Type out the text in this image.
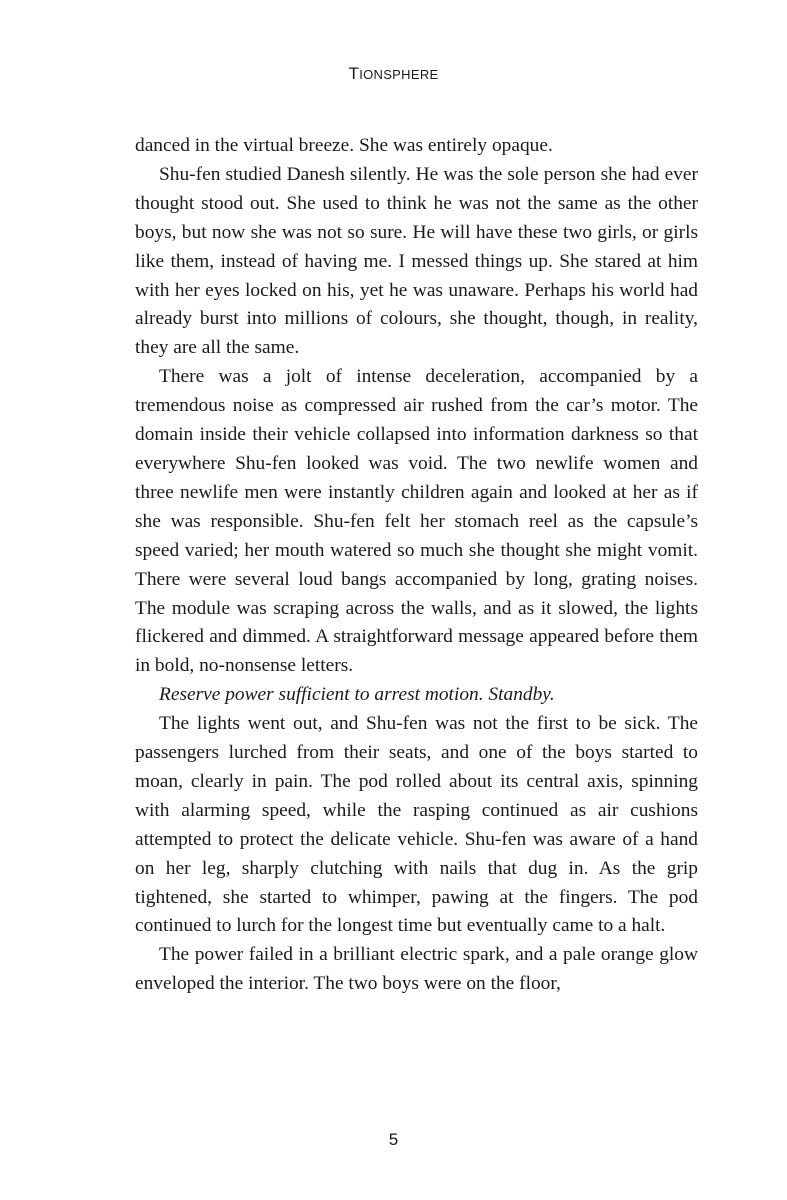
TIONSPHERE

danced in the virtual breeze. She was entirely opaque.

Shu-fen studied Danesh silently. He was the sole person she had ever thought stood out. She used to think he was not the same as the other boys, but now she was not so sure. He will have these two girls, or girls like them, instead of having me. I messed things up. She stared at him with her eyes locked on his, yet he was unaware. Perhaps his world had already burst into millions of colours, she thought, though, in reality, they are all the same.

There was a jolt of intense deceleration, accompanied by a tremendous noise as compressed air rushed from the car’s motor. The domain inside their vehicle collapsed into information darkness so that everywhere Shu-fen looked was void. The two newlife women and three newlife men were instantly children again and looked at her as if she was responsible. Shu-fen felt her stomach reel as the capsule’s speed varied; her mouth watered so much she thought she might vomit. There were several loud bangs accompanied by long, grating noises. The module was scraping across the walls, and as it slowed, the lights flickered and dimmed. A straightforward message appeared before them in bold, no-nonsense letters.

Reserve power sufficient to arrest motion. Standby.

The lights went out, and Shu-fen was not the first to be sick. The passengers lurched from their seats, and one of the boys started to moan, clearly in pain. The pod rolled about its central axis, spinning with alarming speed, while the rasping continued as air cushions attempted to protect the delicate vehicle. Shu-fen was aware of a hand on her leg, sharply clutching with nails that dug in. As the grip tightened, she started to whimper, pawing at the fingers. The pod continued to lurch for the longest time but eventually came to a halt.

The power failed in a brilliant electric spark, and a pale orange glow enveloped the interior. The two boys were on the floor,

5
